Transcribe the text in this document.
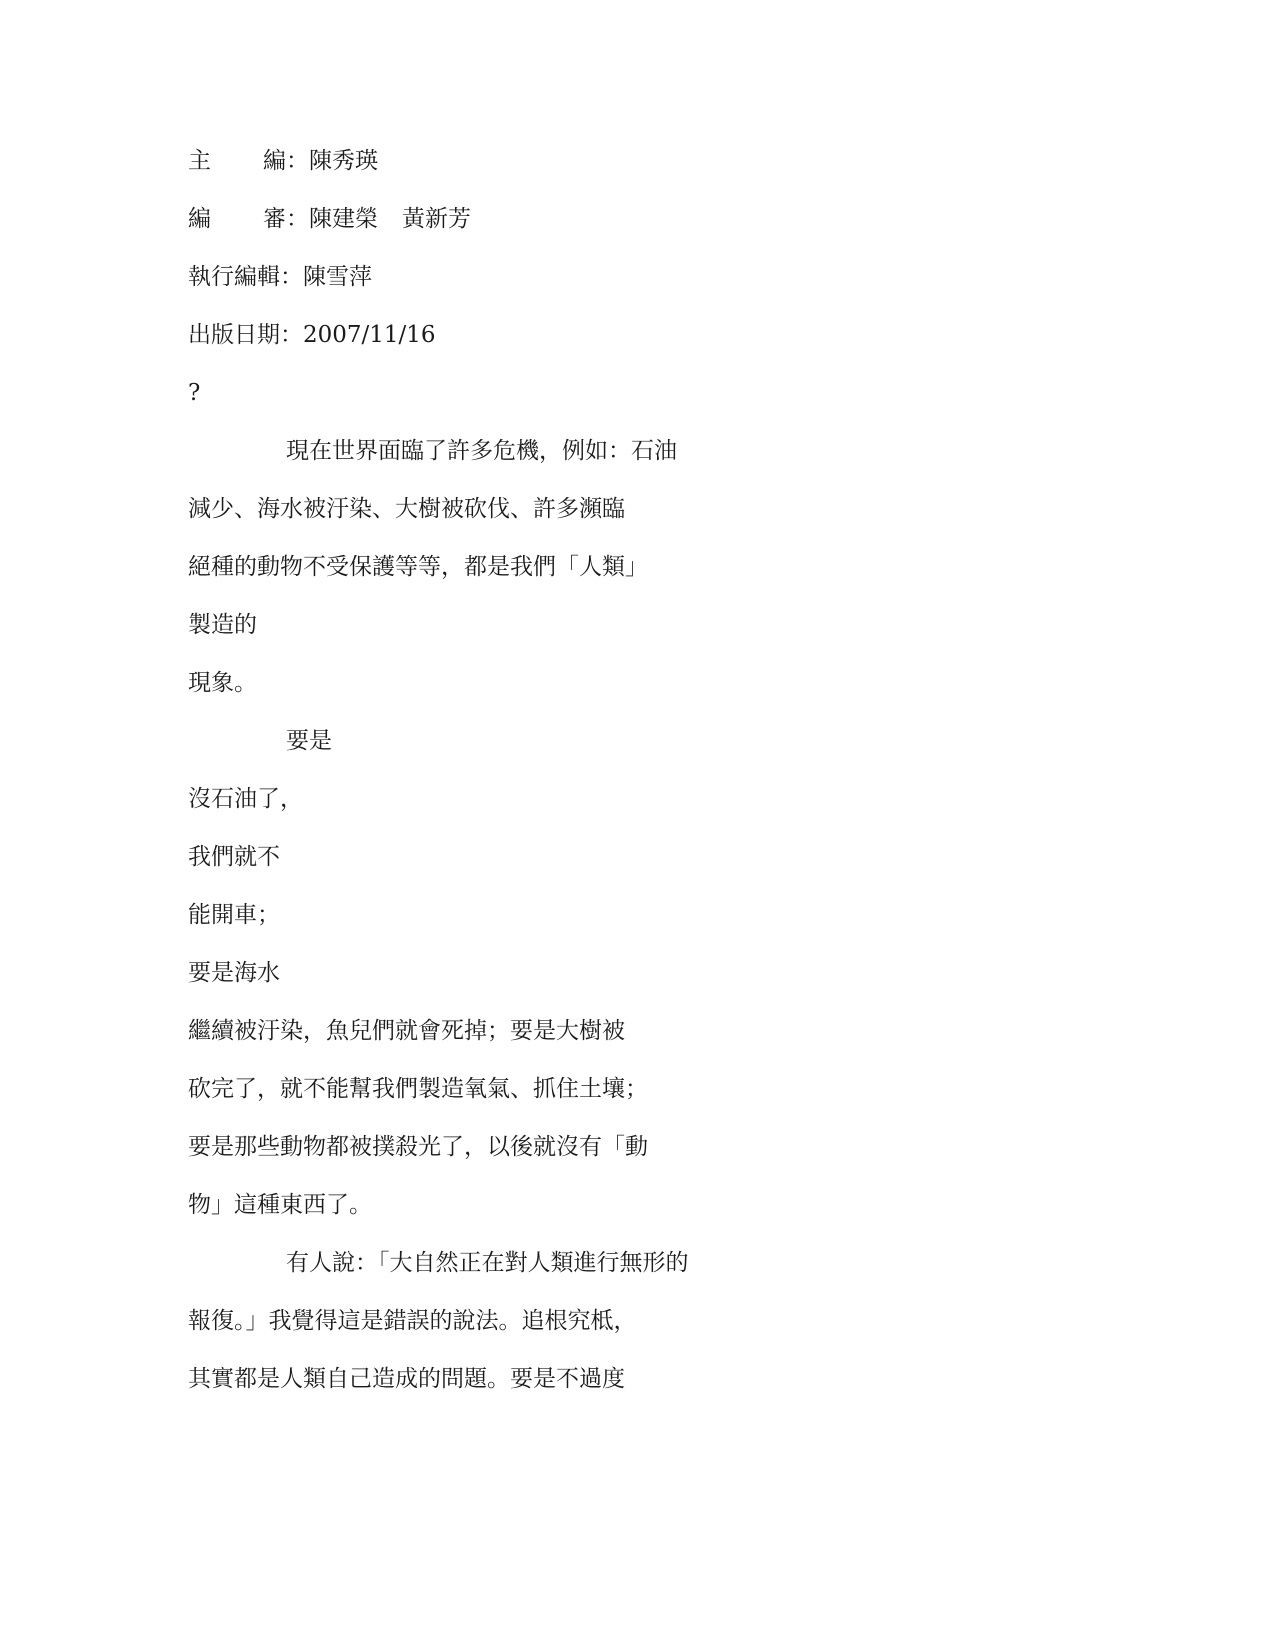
主 編：陳秀瑛
編 審：陳建榮 黃新芳
執行編輯：陳雪萍
出版日期：2007/11/16
?
現在世界面臨了許多危機，例如：石油
減少、海水被汙染、大樹被砍伐、許多瀕臨
絕種的動物不受保護等等，都是我們「人類」
製造的
現象。
要是
沒石油了，
我們就不
能開車；
要是海水
繼續被汙染，魚兒們就會死掉；要是大樹被
砍完了，就不能幫我們製造氧氣、抓住土壤；
要是那些動物都被撲殺光了，以後就沒有「動
物」這種東西了。
有人說：「大自然正在對人類進行無形的
報復。」我覺得這是錯誤的說法。追根究柢，
其實都是人類自己造成的問題。要是不過度
